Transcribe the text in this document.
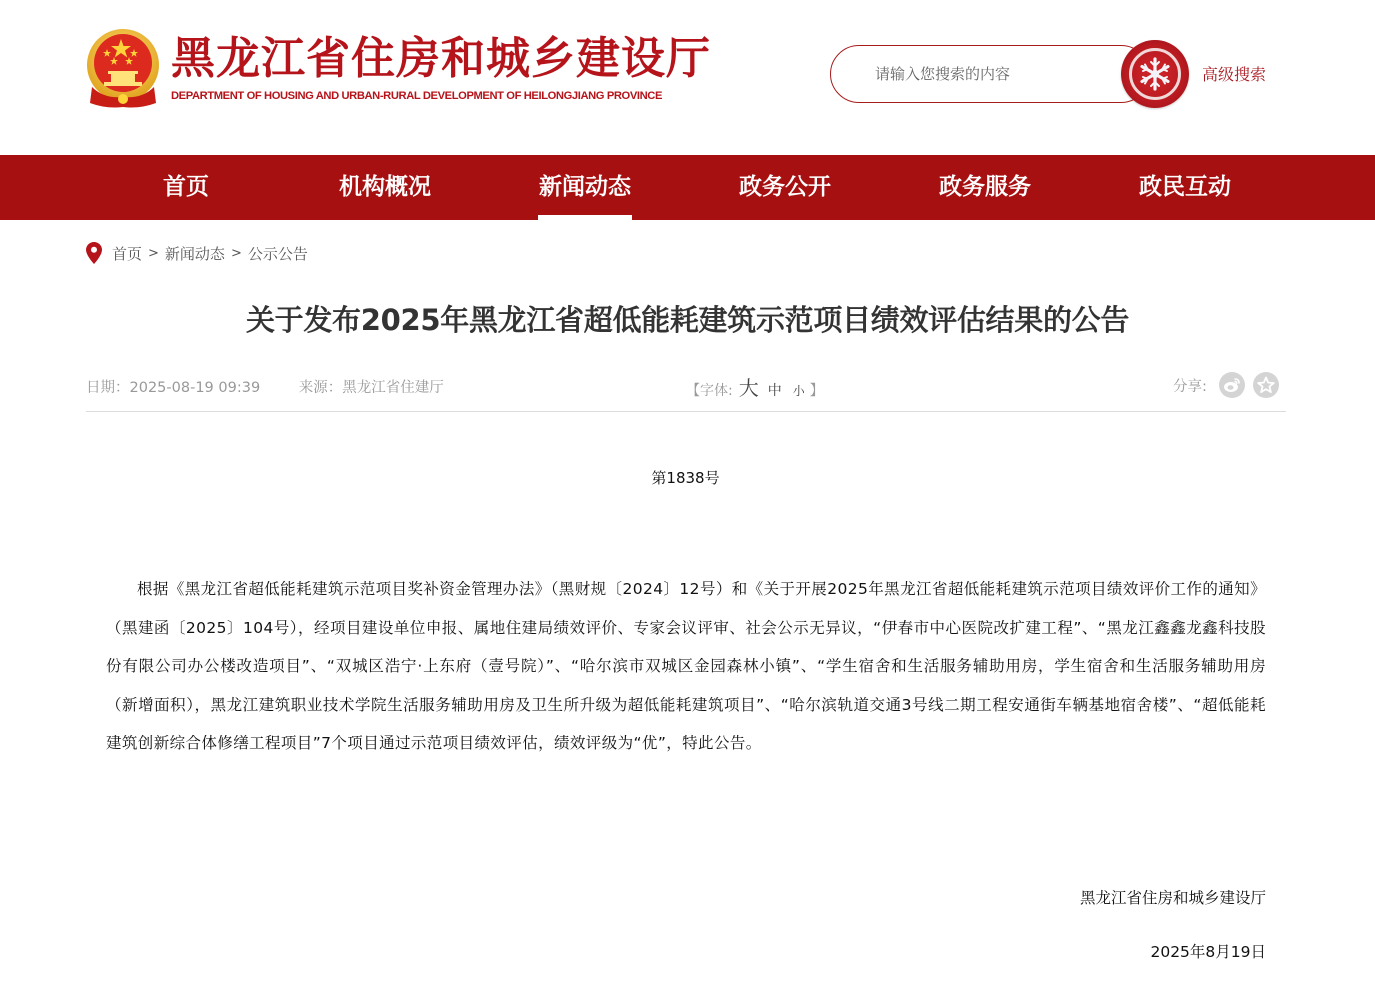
黑龙江省住房和城乡建设厅
DEPARTMENT OF HOUSING AND URBAN-RURAL DEVELOPMENT OF HEILONGJIANG PROVINCE
请输入您搜索的内容
高级搜索
首页	机构概况	新闻动态	政务公开	政务服务	政民互动
首页 > 新闻动态 > 公示公告
关于发布2025年黑龙江省超低能耗建筑示范项目绩效评估结果的公告
日期：2025-08-19 09:39	来源：黑龙江省住建厅	【字体: 大 中 小 】	分享:
第1838号

根据《黑龙江省超低能耗建筑示范项目奖补资金管理办法》（黑财规〔2024〕12号）和《关于开展2025年黑龙江省超低能耗建筑示范项目绩效评价工作的通知》（黑建函〔2025〕104号），经项目建设单位申报、属地住建局绩效评价、专家会议评审、社会公示无异议，“伊春市中心医院改扩建工程”、“黑龙江鑫鑫龙鑫科技股份有限公司办公楼改造项目”、“双城区浩宁·上东府（壹号院）”、“哈尔滨市双城区金园森林小镇”、“学生宿舍和生活服务辅助用房，学生宿舍和生活服务辅助用房（新增面积），黑龙江建筑职业技术学院生活服务辅助用房及卫生所升级为超低能耗建筑项目”、“哈尔滨轨道交通3号线二期工程安通街车辆基地宿舍楼”、“超低能耗建筑创新综合体修缮工程项目”7个项目通过示范项目绩效评估，绩效评级为“优”，特此公告。

黑龙江省住房和城乡建设厅
2025年8月19日
